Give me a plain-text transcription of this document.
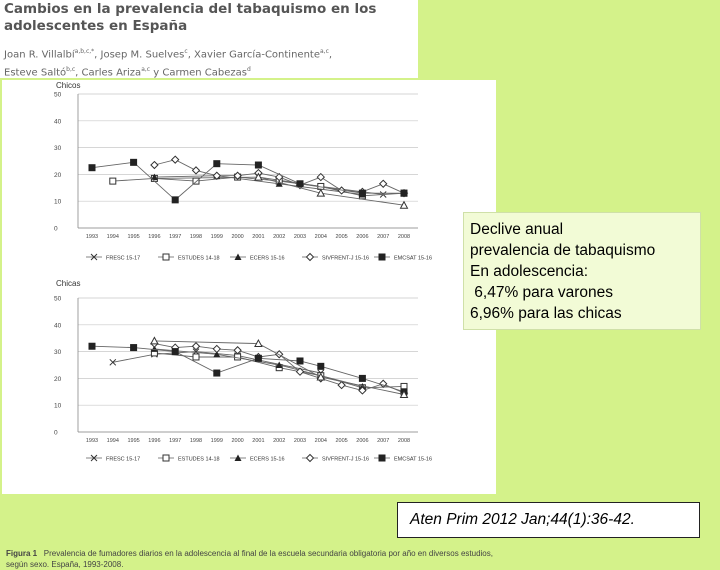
Cambios en la prevalencia del tabaquismo en los adolescentes en España
Joan R. Villalbí$^{a,b,c,*}$, Josep M. Suelves$^c$, Xavier García-Continente$^{a,c}$,
Esteve Saltó$^{b,c}$, Carles Ariza$^{a,c}$ y Carmen Cabezas$^d$
Chicos
0
10
20
30
40
50
1993 1994 1995 1996 1997 1998 1999 2000 2001 2002 2003 2004 2005 2006 2007 2008
FRESC 15-17	ESTUDES 14-18	ECERS 15-16	SIVFRENT-J 15-16	EMCSAT 15-16
Chicas
0
10
20
30
40
50
1993 1994 1995 1996 1997 1998 1999 2000 2001 2002 2003 2004 2005 2006 2007 2008
FRESC 15-17	ESTUDES 14-18	ECERS 15-16	SIVFRENT-J 15-16	EMCSAT 15-16
Figura 1 Prevalencia de fumadores diarios en la adolescencia al final de la escuela secundaria obligatoria por año en diversos estudios, según sexo. España, 1993-2008.
Declive anual
prevalencia de tabaquismo
En adolescencia:
6,47% para varones
6,96% para las chicas
Aten Prim 2012 Jan;44(1):36-42.
